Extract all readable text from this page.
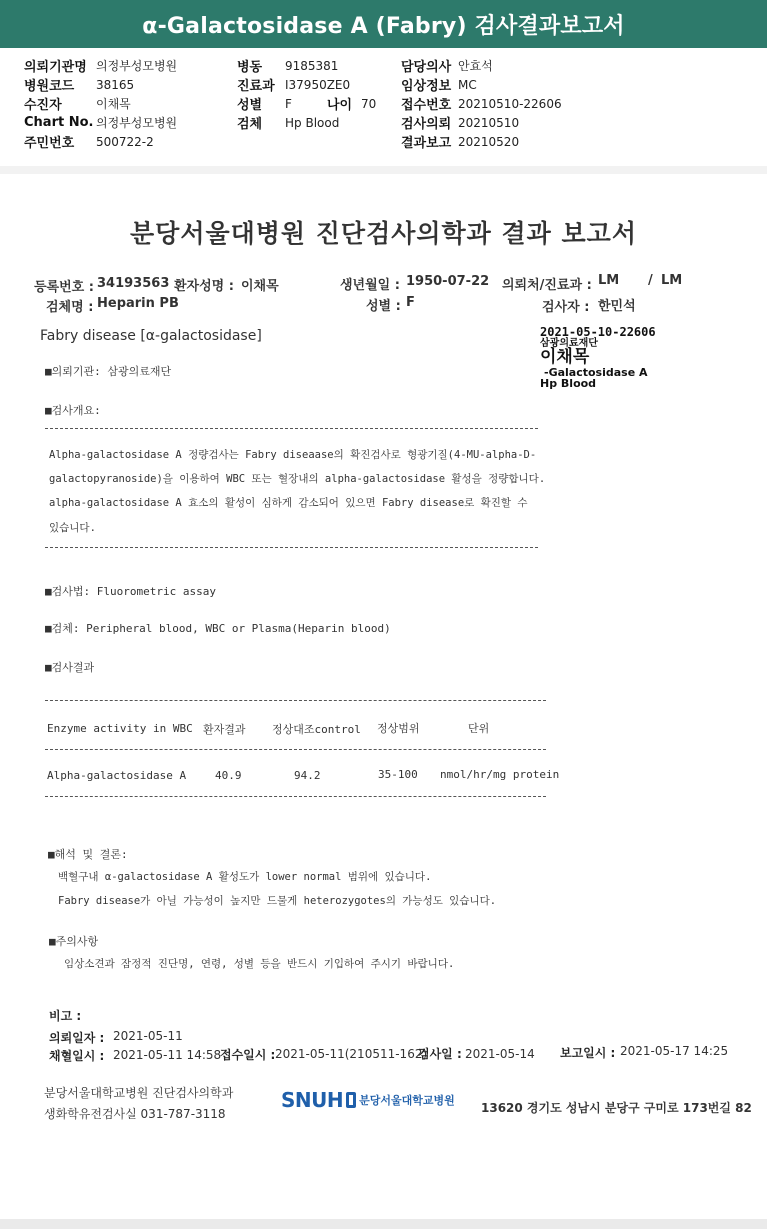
α-Galactosidase A (Fabry) 검사결과보고서
의뢰기관명 의정부성모병원
병원코드	38165
수진자	이채목
Chart No. 의정부성모병원
주민번호	500722-2
병동	9185381
진료과 I37950ZE0
성별	F	나이 70
검체	Hp Blood
담당의사 안효석
임상정보 MC
접수번호 20210510-22606
검사의뢰 20210510
결과보고 20210520
분당서울대병원 진단검사의학과 결과 보고서
등록번호 : 34193563 환자성명 : 이채목	생년월일 : 1950-07-22 의뢰처/진료과 : LM / LM
검체명 : Heparin PB	성별 : F	검사자 : 한민석
Fabry disease [α-galactosidase]	2021-05-10-22606
삼광의료재단
이채목
-Galactosidase A
Hp Blood
■의뢰기관: 삼광의료재단
■검사개요:
Alpha-galactosidase A 정량검사는 Fabry diseaase의 확진검사로 형광기질(4-MU-alpha-D-
galactopyranoside)을 이용하여 WBC 또는 혈장내의 alpha-galactosidase 활성을 정량합니다.
alpha-galactosidase A 효소의 활성이 심하게 감소되어 있으면 Fabry disease로 확진할 수
있습니다.
■검사법: Fluorometric assay
■검체: Peripheral blood, WBC or Plasma(Heparin blood)
■검사결과
Enzyme activity in WBC 환자결과 정상대조control 정상범위	단위
Alpha-galactosidase A	40.9	94.2	35-100 nmol/hr/mg protein
■해석 및 결론:
백혈구내 α-galactosidase A 활성도가 lower normal 범위에 있습니다.
Fabry disease가 아닐 가능성이 높지만 드물게 heterozygotes의 가능성도 있습니다.
■주의사항
임상소견과 잠정적 진단명, 연령, 성별 등을 반드시 기입하여 주시기 바랍니다.
비고 :
의뢰일자 : 2021-05-11
채혈일시 : 2021-05-11 14:58
접수일시 : 2021-05-11(210511-162)
검사일 : 2021-05-14 보고일시 : 2021-05-17 14:25
분당서울대학교병원 진단검사의학과
생화학유전검사실 031-787-3118
SNUH 분당서울대학교병원
13620 경기도 성남시 분당구 구미로 173번길 82
